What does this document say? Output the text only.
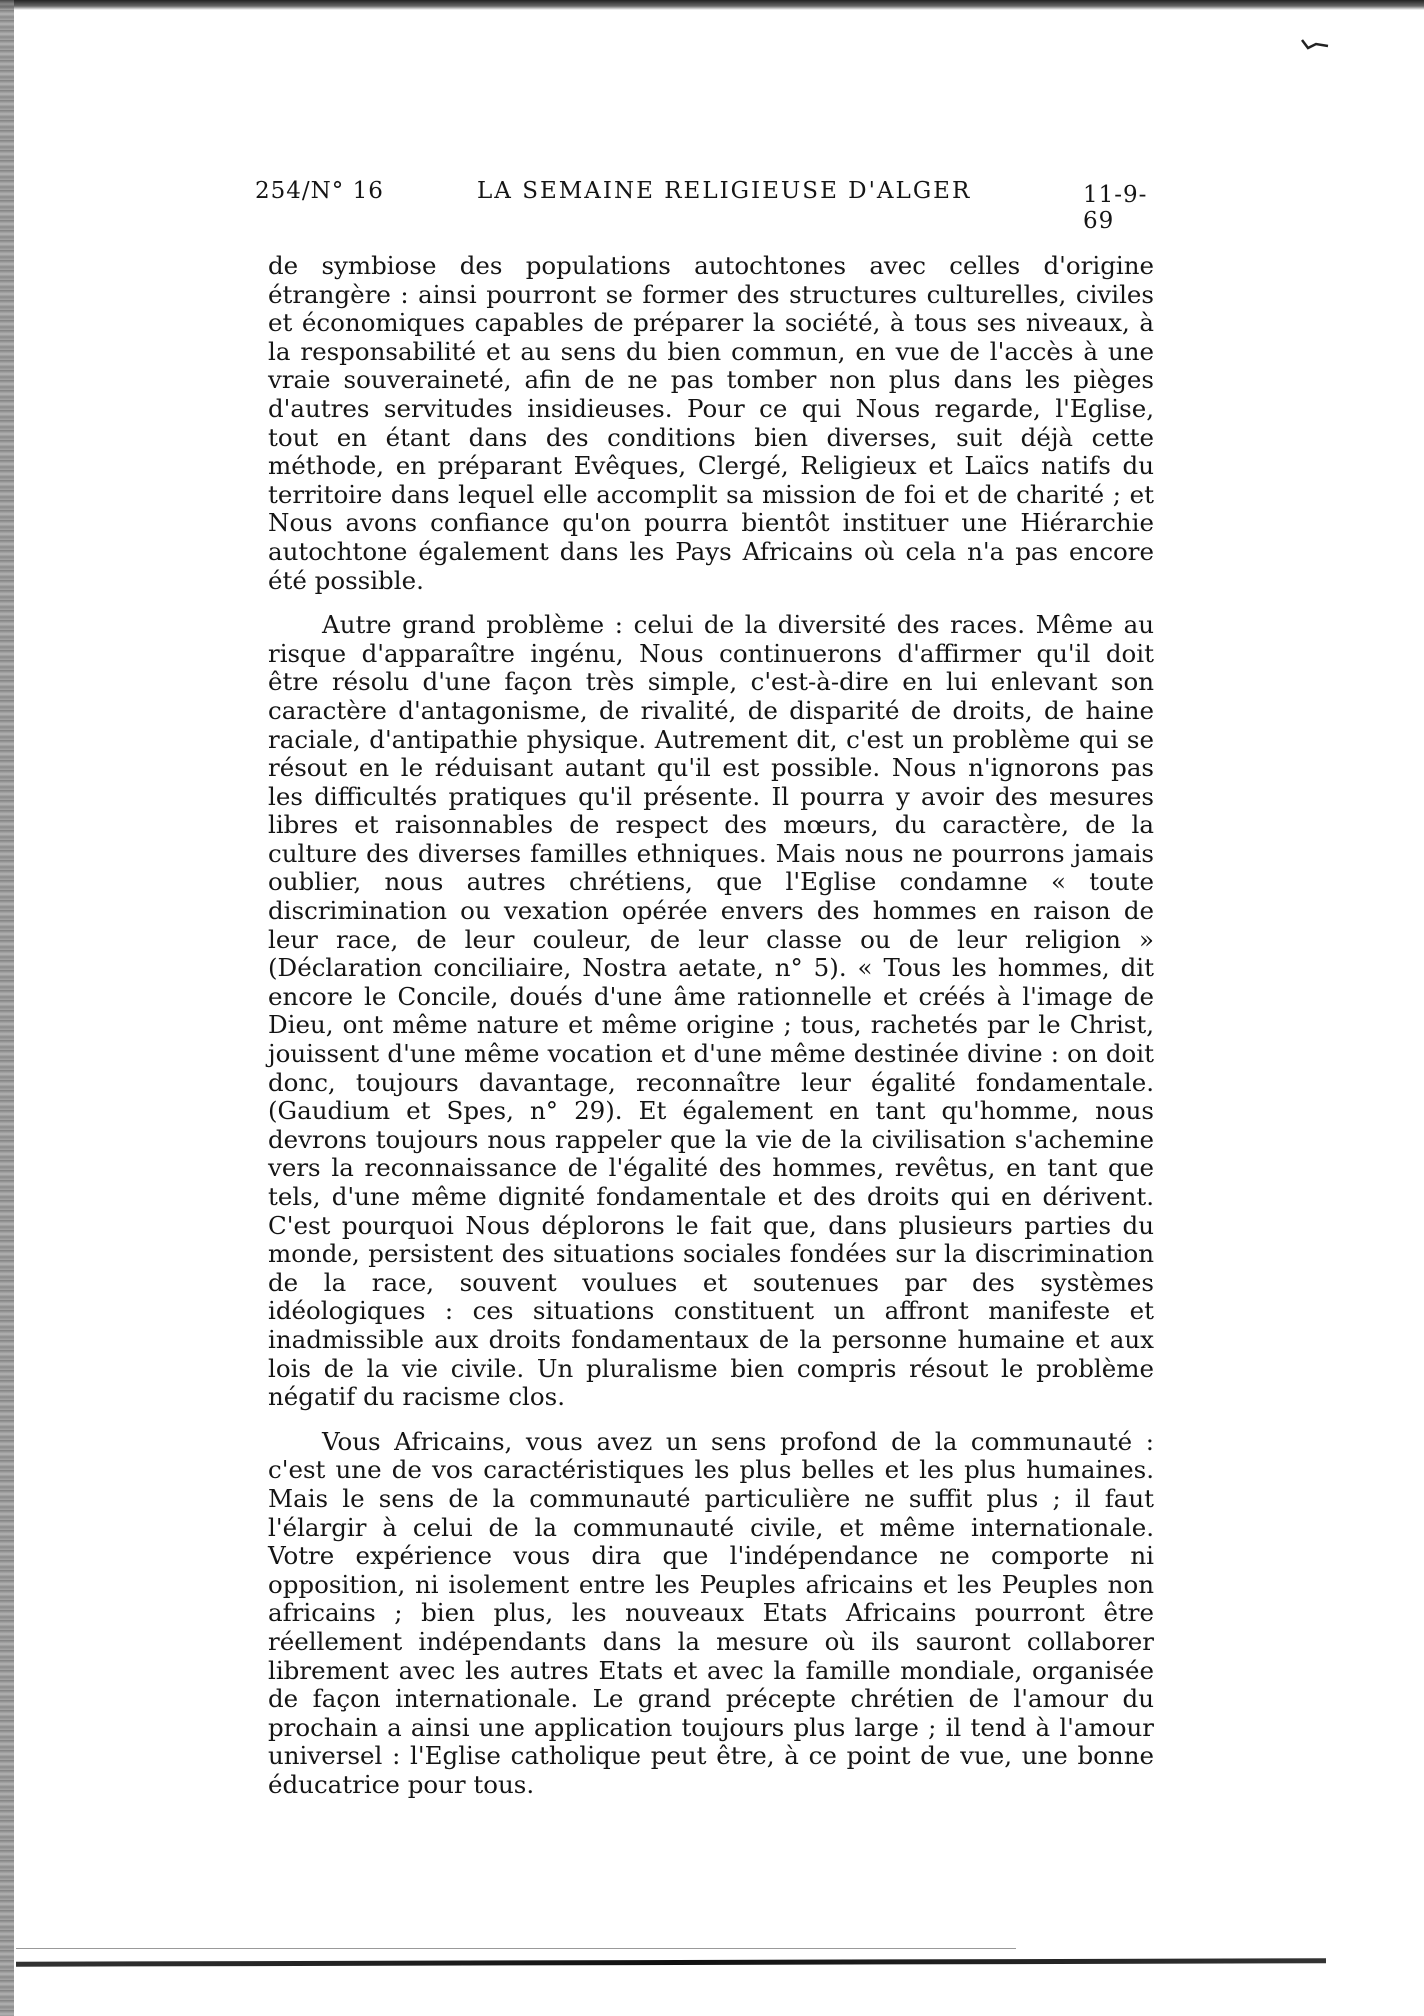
254/N° 16	LA SEMAINE RELIGIEUSE D'ALGER	11-9-69

de symbiose des populations autochtones avec celles d'origine étrangère : ainsi pourront se former des structures culturelles, civiles et économiques capables de préparer la société, à tous ses niveaux, à la responsabilité et au sens du bien commun, en vue de l'accès à une vraie souveraineté, afin de ne pas tomber non plus dans les pièges d'autres servitudes insidieuses. Pour ce qui Nous regarde, l'Eglise, tout en étant dans des conditions bien diverses, suit déjà cette méthode, en préparant Evêques, Clergé, Religieux et Laïcs natifs du territoire dans lequel elle accomplit sa mission de foi et de charité ; et Nous avons confiance qu'on pourra bientôt instituer une Hiérarchie autochtone également dans les Pays Africains où cela n'a pas encore été possible.

Autre grand problème : celui de la diversité des races. Même au risque d'apparaître ingénu, Nous continuerons d'affirmer qu'il doit être résolu d'une façon très simple, c'est-à-dire en lui enlevant son caractère d'antagonisme, de rivalité, de disparité de droits, de haine raciale, d'antipathie physique. Autrement dit, c'est un problème qui se résout en le réduisant autant qu'il est possible. Nous n'ignorons pas les difficultés pratiques qu'il présente. Il pourra y avoir des mesures libres et raisonnables de respect des mœurs, du caractère, de la culture des diverses familles ethniques. Mais nous ne pourrons jamais oublier, nous autres chrétiens, que l'Eglise condamne « toute discrimination ou vexation opérée envers des hommes en raison de leur race, de leur couleur, de leur classe ou de leur religion » (Déclaration conciliaire, Nostra aetate, n° 5). « Tous les hommes, dit encore le Concile, doués d'une âme rationnelle et créés à l'image de Dieu, ont même nature et même origine ; tous, rachetés par le Christ, jouissent d'une même vocation et d'une même destinée divine : on doit donc, toujours davantage, reconnaître leur égalité fondamentale. (Gaudium et Spes, n° 29). Et également en tant qu'homme, nous devrons toujours nous rappeler que la vie de la civilisation s'achemine vers la reconnaissance de l'égalité des hommes, revêtus, en tant que tels, d'une même dignité fondamentale et des droits qui en dérivent. C'est pourquoi Nous déplorons le fait que, dans plusieurs parties du monde, persistent des situations sociales fondées sur la discrimination de la race, souvent voulues et soutenues par des systèmes idéologiques : ces situations constituent un affront manifeste et inadmissible aux droits fondamentaux de la personne humaine et aux lois de la vie civile. Un pluralisme bien compris résout le problème négatif du racisme clos.

Vous Africains, vous avez un sens profond de la communauté : c'est une de vos caractéristiques les plus belles et les plus humaines. Mais le sens de la communauté particulière ne suffit plus ; il faut l'élargir à celui de la communauté civile, et même internationale. Votre expérience vous dira que l'indépendance ne comporte ni opposition, ni isolement entre les Peuples africains et les Peuples non africains ; bien plus, les nouveaux Etats Africains pourront être réellement indépendants dans la mesure où ils sauront collaborer librement avec les autres Etats et avec la famille mondiale, organisée de façon internationale. Le grand précepte chrétien de l'amour du prochain a ainsi une application toujours plus large ; il tend à l'amour universel : l'Eglise catholique peut être, à ce point de vue, une bonne éducatrice pour tous.
